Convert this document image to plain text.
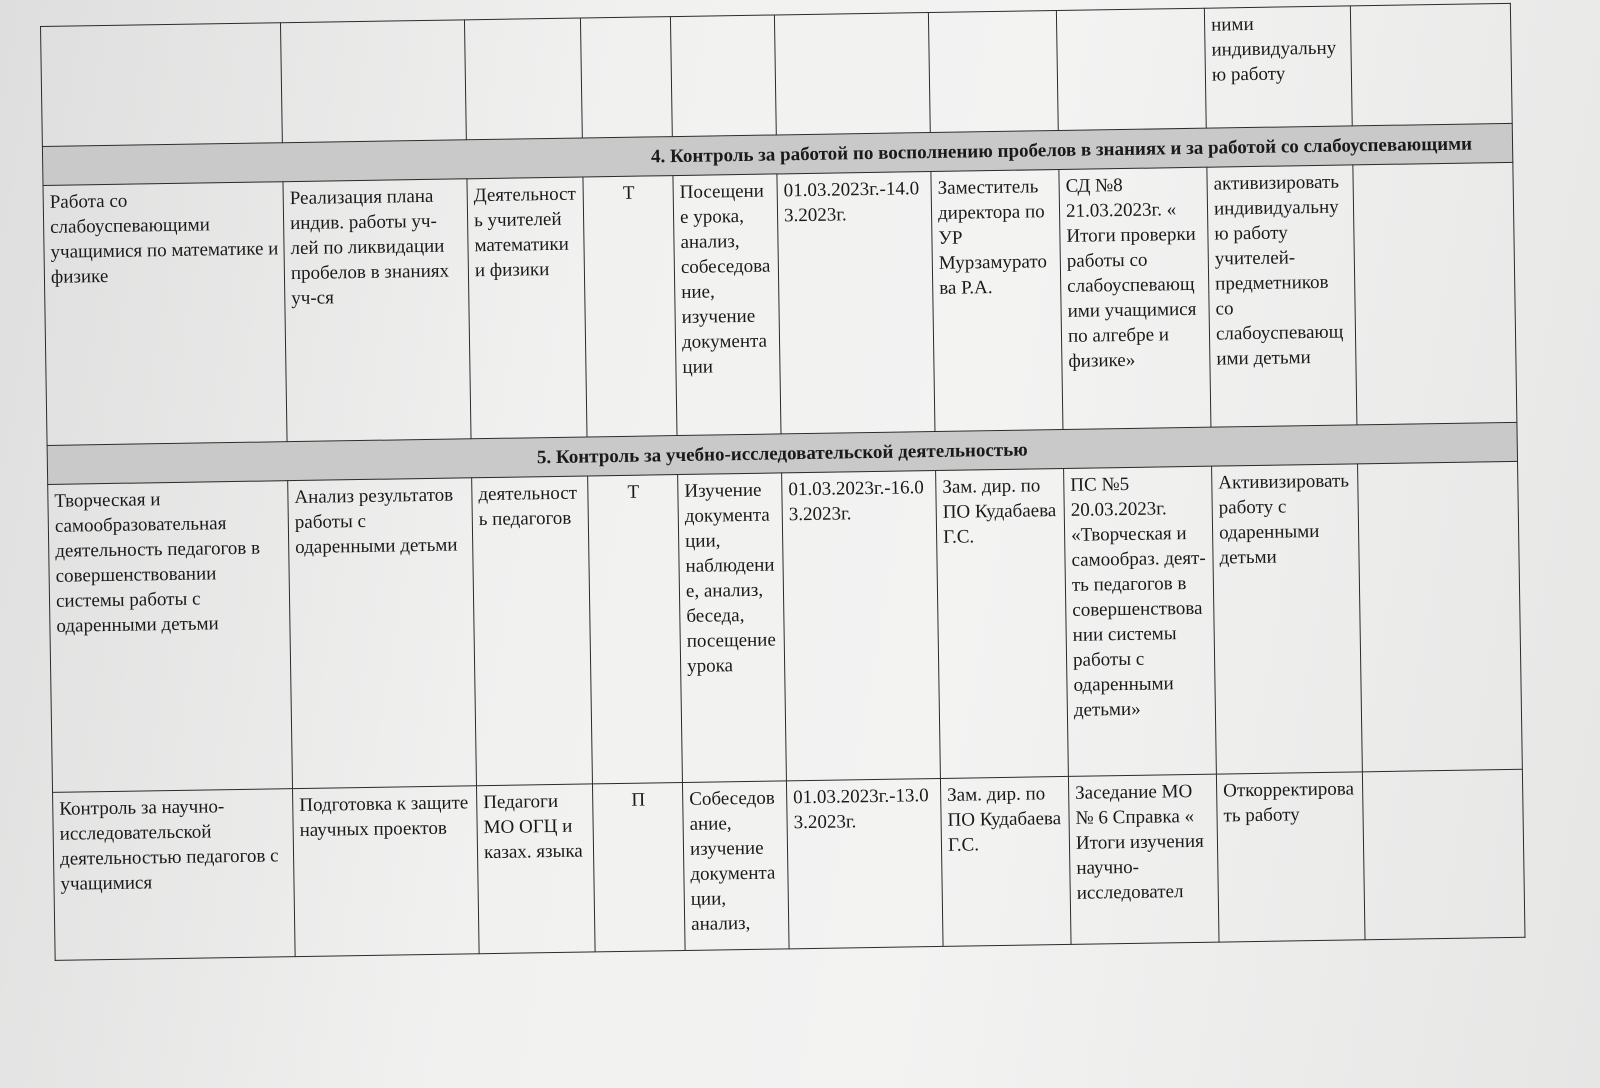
								ними индивидуальную работу	
4. Контроль за работой по восполнению пробелов в знаниях и за работой со слабоуспевающими									
Работа со слабоуспевающими учащимися по математике и физике	Реализация плана индив. работы уч-лей по ликвидации пробелов в знаниях уч-ся	Деятельность учителей математики и физики	Т	Посещение урока, анализ, собеседование, изучение документации	01.03.2023г.-14.03.2023г.	Заместитель директора по УР Мурзамуратова Р.А.	СД №8 21.03.2023г. « Итоги проверки работы со слабоуспевающими учащимися по алгебре и физике»	активизировать индивидуальную работу учителей-предметников со слабоуспевающими детьми	
5. Контроль за учебно-исследовательской деятельностью									
Творческая и самообразовательная деятельность педагогов в совершенствовании системы работы с одаренными детьми	Анализ результатов работы с одаренными детьми	деятельность педагогов	Т	Изучение документации, наблюдение, анализ, беседа, посещение урока	01.03.2023г.-16.03.2023г.	Зам. дир. по ПО Кудабаева Г.С.	ПС №5 20.03.2023г. «Творческая и самообраз. деят-ть педагогов в совершенствовании системы работы с одаренными детьми»	Активизировать работу с одаренными детьми	
Контроль за научно-исследовательской деятельностью педагогов с учащимися	Подготовка к защите научных проектов	Педагоги МО ОГЦ и казах. языка	П	Собеседование, изучение документации, анализ,	01.03.2023г.-13.03.2023г.	Зам. дир. по ПО Кудабаева Г.С.	Заседание МО № 6 Справка « Итоги изучения научно-исследовател	Откорректировать работу	
